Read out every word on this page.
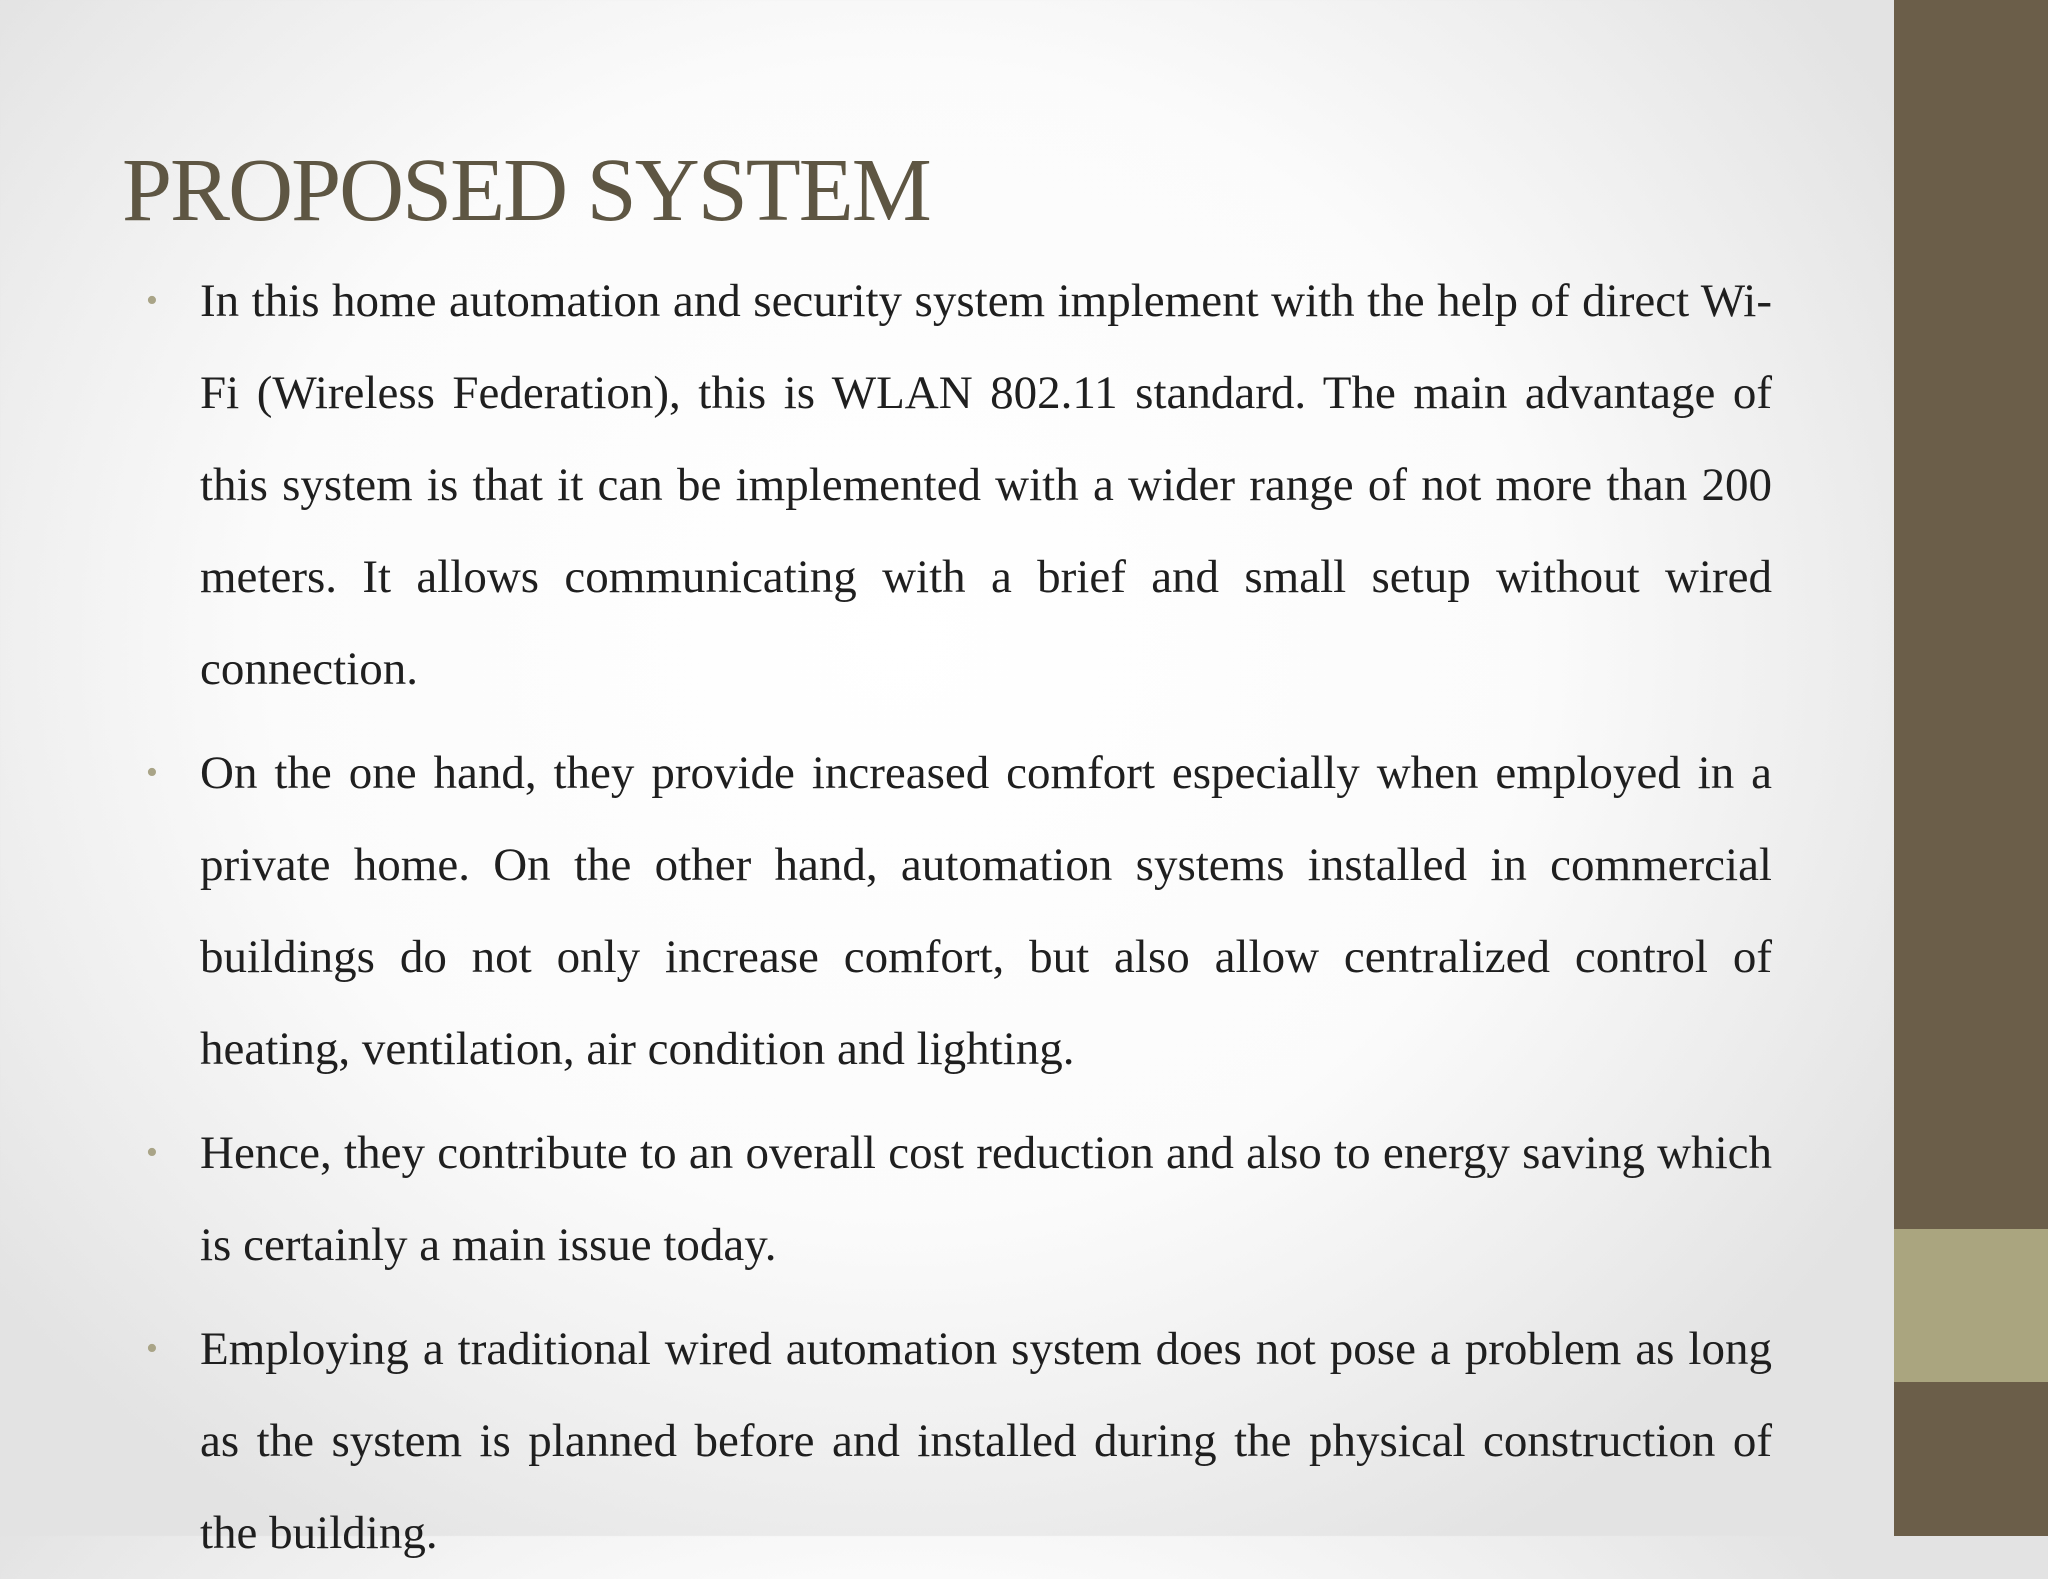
PROPOSED SYSTEM
• In this home automation and security system implement with the help of direct Wi-Fi (Wireless Federation), this is WLAN 802.11 standard. The main advantage of this system is that it can be implemented with a wider range of not more than 200 meters. It allows communicating with a brief and small setup without wired connection.
• On the one hand, they provide increased comfort especially when employed in a private home. On the other hand, automation systems installed in commercial buildings do not only increase comfort, but also allow centralized control of heating, ventilation, air condition and lighting.
• Hence, they contribute to an overall cost reduction and also to energy saving which is certainly a main issue today.
• Employing a traditional wired automation system does not pose a problem as long as the system is planned before and installed during the physical construction of the building.
